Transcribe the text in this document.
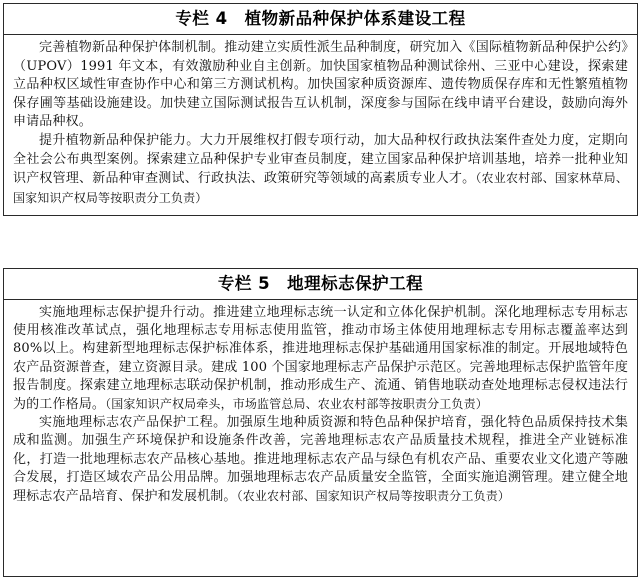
专栏 4　植物新品种保护体系建设工程

完善植物新品种保护体制机制。推动建立实质性派生品种制度，研究加入《国际植物新品种保护公约》（UPOV）1991 年文本，有效激励种业自主创新。加快国家植物品种测试徐州、三亚中心建设，探索建立品种权区域性审查协作中心和第三方测试机构。加快国家种质资源库、遗传物质保存库和无性繁殖植物保存圃等基础设施建设。加快建立国际测试报告互认机制，深度参与国际在线申请平台建设，鼓励向海外申请品种权。

提升植物新品种保护能力。大力开展维权打假专项行动，加大品种权行政执法案件查处力度，定期向全社会公布典型案例。探索建立品种保护专业审查员制度，建立国家品种保护培训基地，培养一批种业知识产权管理、新品种审查测试、行政执法、政策研究等领域的高素质专业人才。（农业农村部、国家林草局、国家知识产权局等按职责分工负责）

专栏 5　地理标志保护工程

实施地理标志保护提升行动。推进建立地理标志统一认定和立体化保护机制。深化地理标志专用标志使用核准改革试点，强化地理标志专用标志使用监管，推动市场主体使用地理标志专用标志覆盖率达到 80%以上。构建新型地理标志保护标准体系，推进地理标志保护基础通用国家标准的制定。开展地域特色农产品资源普查，建立资源目录。建成 100 个国家地理标志产品保护示范区。完善地理标志保护监管年度报告制度。探索建立地理标志联动保护机制，推动形成生产、流通、销售地联动查处地理标志侵权违法行为的工作格局。（国家知识产权局牵头，市场监管总局、农业农村部等按职责分工负责）

实施地理标志农产品保护工程。加强原生地种质资源和特色品种保护培育，强化特色品质保持技术集成和监测。加强生产环境保护和设施条件改善，完善地理标志农产品质量技术规程，推进全产业链标准化，打造一批地理标志农产品核心基地。推进地理标志农产品与绿色有机农产品、重要农业文化遗产等融合发展，打造区域农产品公用品牌。加强地理标志农产品质量安全监管，全面实施追溯管理。建立健全地理标志农产品培育、保护和发展机制。（农业农村部、国家知识产权局等按职责分工负责）
